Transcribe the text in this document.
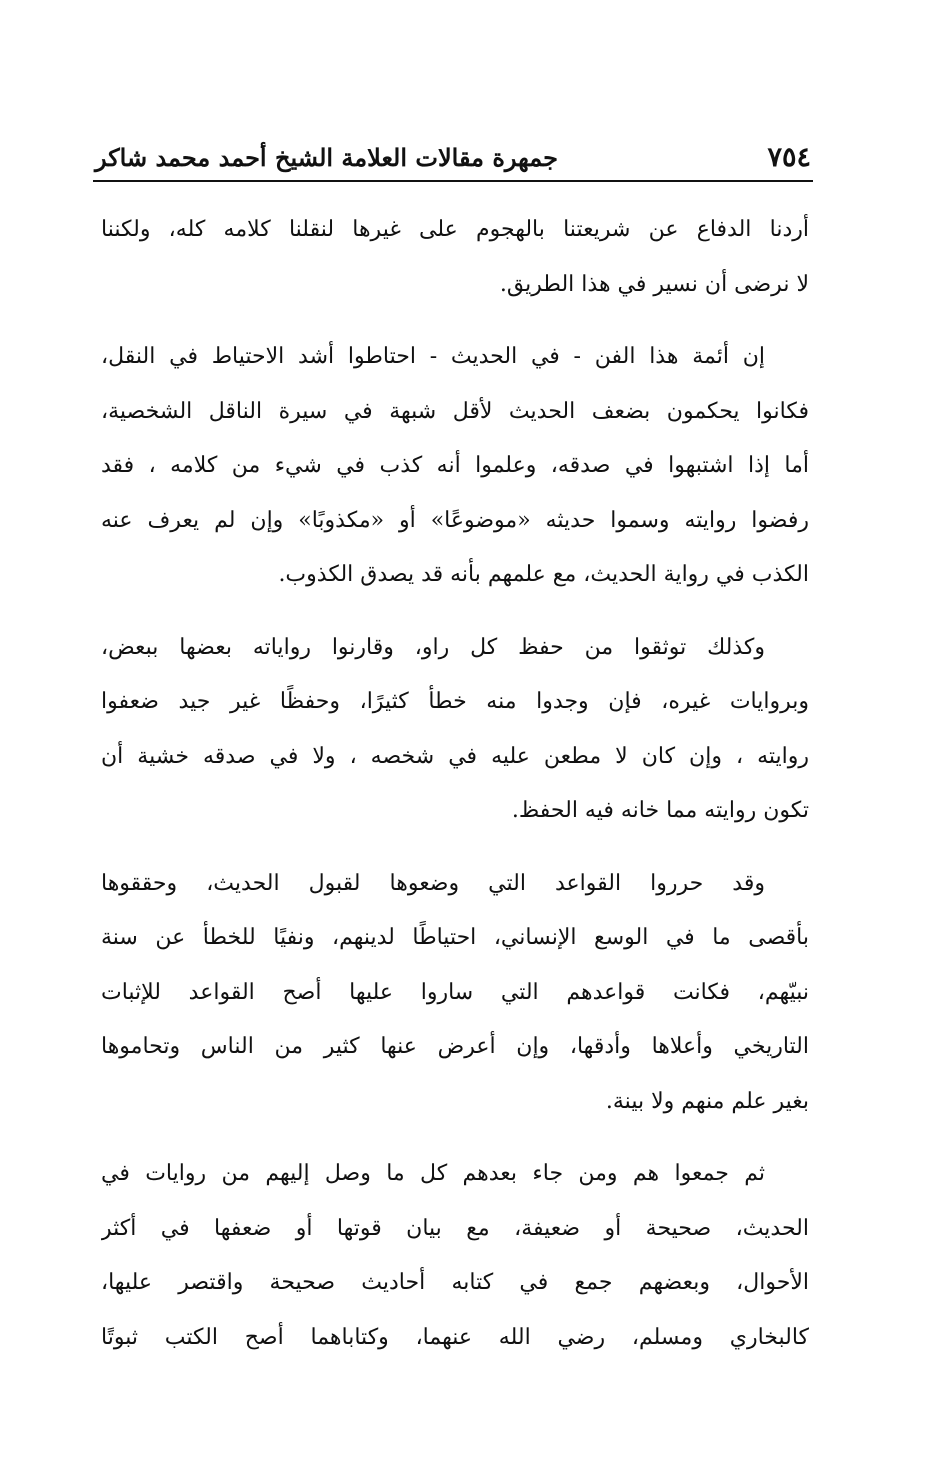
٧٥٤
جمهرة مقالات العلامة الشيخ أحمد محمد شاكر

أردنا الدفاع عن شريعتنا بالهجوم على غيرها لنقلنا كلامه كله، ولكننا
لا نرضى أن نسير في هذا الطريق.

إن أئمة هذا الفن - في الحديث - احتاطوا أشد الاحتياط في النقل،
فكانوا يحكمون بضعف الحديث لأقل شبهة في سيرة الناقل الشخصية،
أما إذا اشتبهوا في صدقه، وعلموا أنه كذب في شيء من كلامه ، فقد
رفضوا روايته وسموا حديثه «موضوعًا» أو «مكذوبًا» وإن لم يعرف عنه
الكذب في رواية الحديث، مع علمهم بأنه قد يصدق الكذوب.

وكذلك توثقوا من حفظ كل راو، وقارنوا رواياته بعضها ببعض،
وبروايات غيره، فإن وجدوا منه خطأ كثيرًا، وحفظًا غير جيد ضعفوا
روايته ، وإن كان لا مطعن عليه في شخصه ، ولا في صدقه خشية أن
تكون روايته مما خانه فيه الحفظ.

وقد حرروا القواعد التي وضعوها لقبول الحديث، وحققوها
بأقصى ما في الوسع الإنساني، احتياطًا لدينهم، ونفيًا للخطأ عن سنة
نبيّهم، فكانت قواعدهم التي ساروا عليها أصح القواعد للإثبات
التاريخي وأعلاها وأدقها، وإن أعرض عنها كثير من الناس وتحاموها
بغير علم منهم ولا بينة.

ثم جمعوا هم ومن جاء بعدهم كل ما وصل إليهم من روايات في
الحديث، صحيحة أو ضعيفة، مع بيان قوتها أو ضعفها في أكثر
الأحوال، وبعضهم جمع في كتابه أحاديث صحيحة واقتصر عليها،
كالبخاري ومسلم، رضي الله عنهما، وكتاباهما أصح الكتب ثبوتًا
